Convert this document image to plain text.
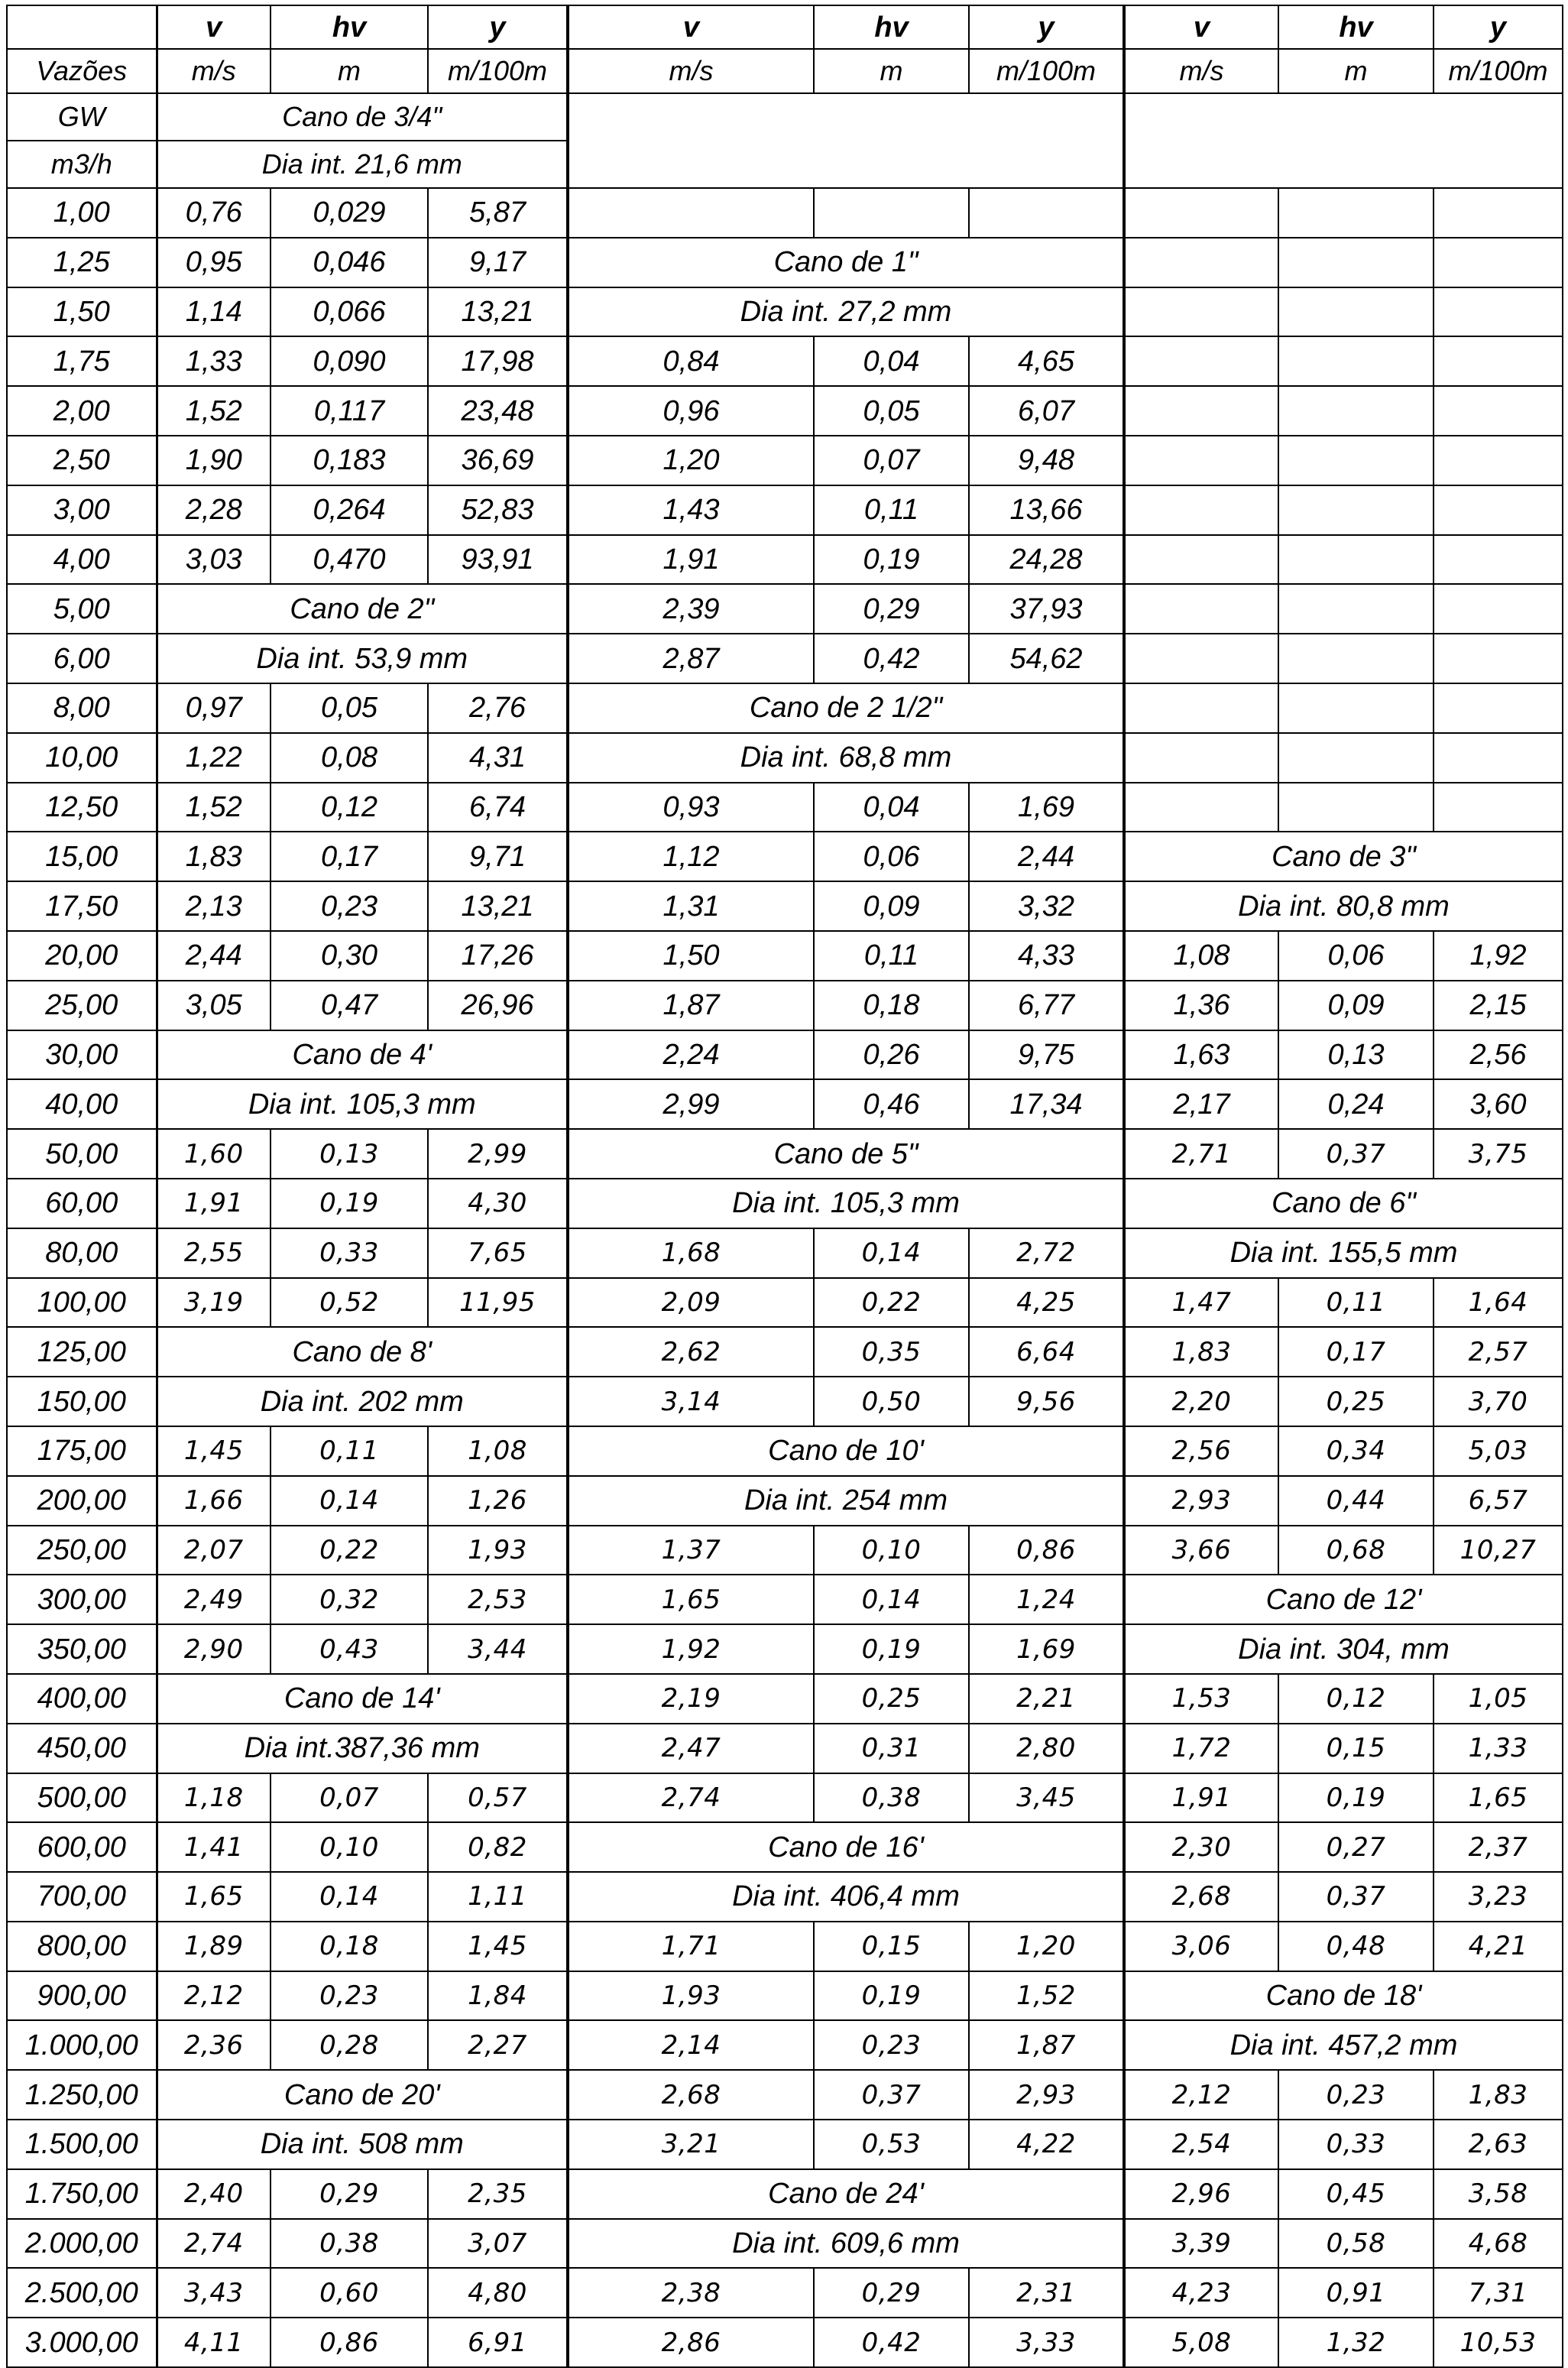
	v	hv	y	v	hv	y	v	hv	y
Vazões	m/s	m	m/100m	m/s	m	m/100m	m/s	m	m/100m
GW	Cano de 3/4"								
m3/h	Dia int. 21,6 mm								
1,00	0,76	0,029	5,87						
1,25	0,95	0,046	9,17	Cano de 1"					
1,50	1,14	0,066	13,21	Dia int. 27,2 mm					
1,75	1,33	0,090	17,98	0,84	0,04	4,65			
2,00	1,52	0,117	23,48	0,96	0,05	6,07			
2,50	1,90	0,183	36,69	1,20	0,07	9,48			
3,00	2,28	0,264	52,83	1,43	0,11	13,66			
4,00	3,03	0,470	93,91	1,91	0,19	24,28			
5,00	Cano de 2"			2,39	0,29	37,93			
6,00	Dia int. 53,9 mm			2,87	0,42	54,62			
8,00	0,97	0,05	2,76	Cano de 2 1/2"					
10,00	1,22	0,08	4,31	Dia int. 68,8 mm					
12,50	1,52	0,12	6,74	0,93	0,04	1,69			
15,00	1,83	0,17	9,71	1,12	0,06	2,44	Cano de 3"		
17,50	2,13	0,23	13,21	1,31	0,09	3,32	Dia int. 80,8 mm		
20,00	2,44	0,30	17,26	1,50	0,11	4,33	1,08	0,06	1,92
25,00	3,05	0,47	26,96	1,87	0,18	6,77	1,36	0,09	2,15
30,00	Cano de 4'			2,24	0,26	9,75	1,63	0,13	2,56
40,00	Dia int. 105,3 mm			2,99	0,46	17,34	2,17	0,24	3,60
50,00	1,60	0,13	2,99	Cano de 5"			2,71	0,37	3,75
60,00	1,91	0,19	4,30	Dia int. 105,3 mm			Cano de 6"		
80,00	2,55	0,33	7,65	1,68	0,14	2,72	Dia int. 155,5 mm		
100,00	3,19	0,52	11,95	2,09	0,22	4,25	1,47	0,11	1,64
125,00	Cano de 8'			2,62	0,35	6,64	1,83	0,17	2,57
150,00	Dia int. 202 mm			3,14	0,50	9,56	2,20	0,25	3,70
175,00	1,45	0,11	1,08	Cano de 10'			2,56	0,34	5,03
200,00	1,66	0,14	1,26	Dia int. 254 mm			2,93	0,44	6,57
250,00	2,07	0,22	1,93	1,37	0,10	0,86	3,66	0,68	10,27
300,00	2,49	0,32	2,53	1,65	0,14	1,24	Cano de 12'		
350,00	2,90	0,43	3,44	1,92	0,19	1,69	Dia int. 304, mm		
400,00	Cano de 14'			2,19	0,25	2,21	1,53	0,12	1,05
450,00	Dia int.387,36 mm			2,47	0,31	2,80	1,72	0,15	1,33
500,00	1,18	0,07	0,57	2,74	0,38	3,45	1,91	0,19	1,65
600,00	1,41	0,10	0,82	Cano de 16'			2,30	0,27	2,37
700,00	1,65	0,14	1,11	Dia int. 406,4 mm			2,68	0,37	3,23
800,00	1,89	0,18	1,45	1,71	0,15	1,20	3,06	0,48	4,21
900,00	2,12	0,23	1,84	1,93	0,19	1,52	Cano de 18'		
1.000,00	2,36	0,28	2,27	2,14	0,23	1,87	Dia int. 457,2 mm		
1.250,00	Cano de 20'			2,68	0,37	2,93	2,12	0,23	1,83
1.500,00	Dia int. 508 mm			3,21	0,53	4,22	2,54	0,33	2,63
1.750,00	2,40	0,29	2,35	Cano de 24'			2,96	0,45	3,58
2.000,00	2,74	0,38	3,07	Dia int. 609,6 mm			3,39	0,58	4,68
2.500,00	3,43	0,60	4,80	2,38	0,29	2,31	4,23	0,91	7,31
3.000,00	4,11	0,86	6,91	2,86	0,42	3,33	5,08	1,32	10,53
